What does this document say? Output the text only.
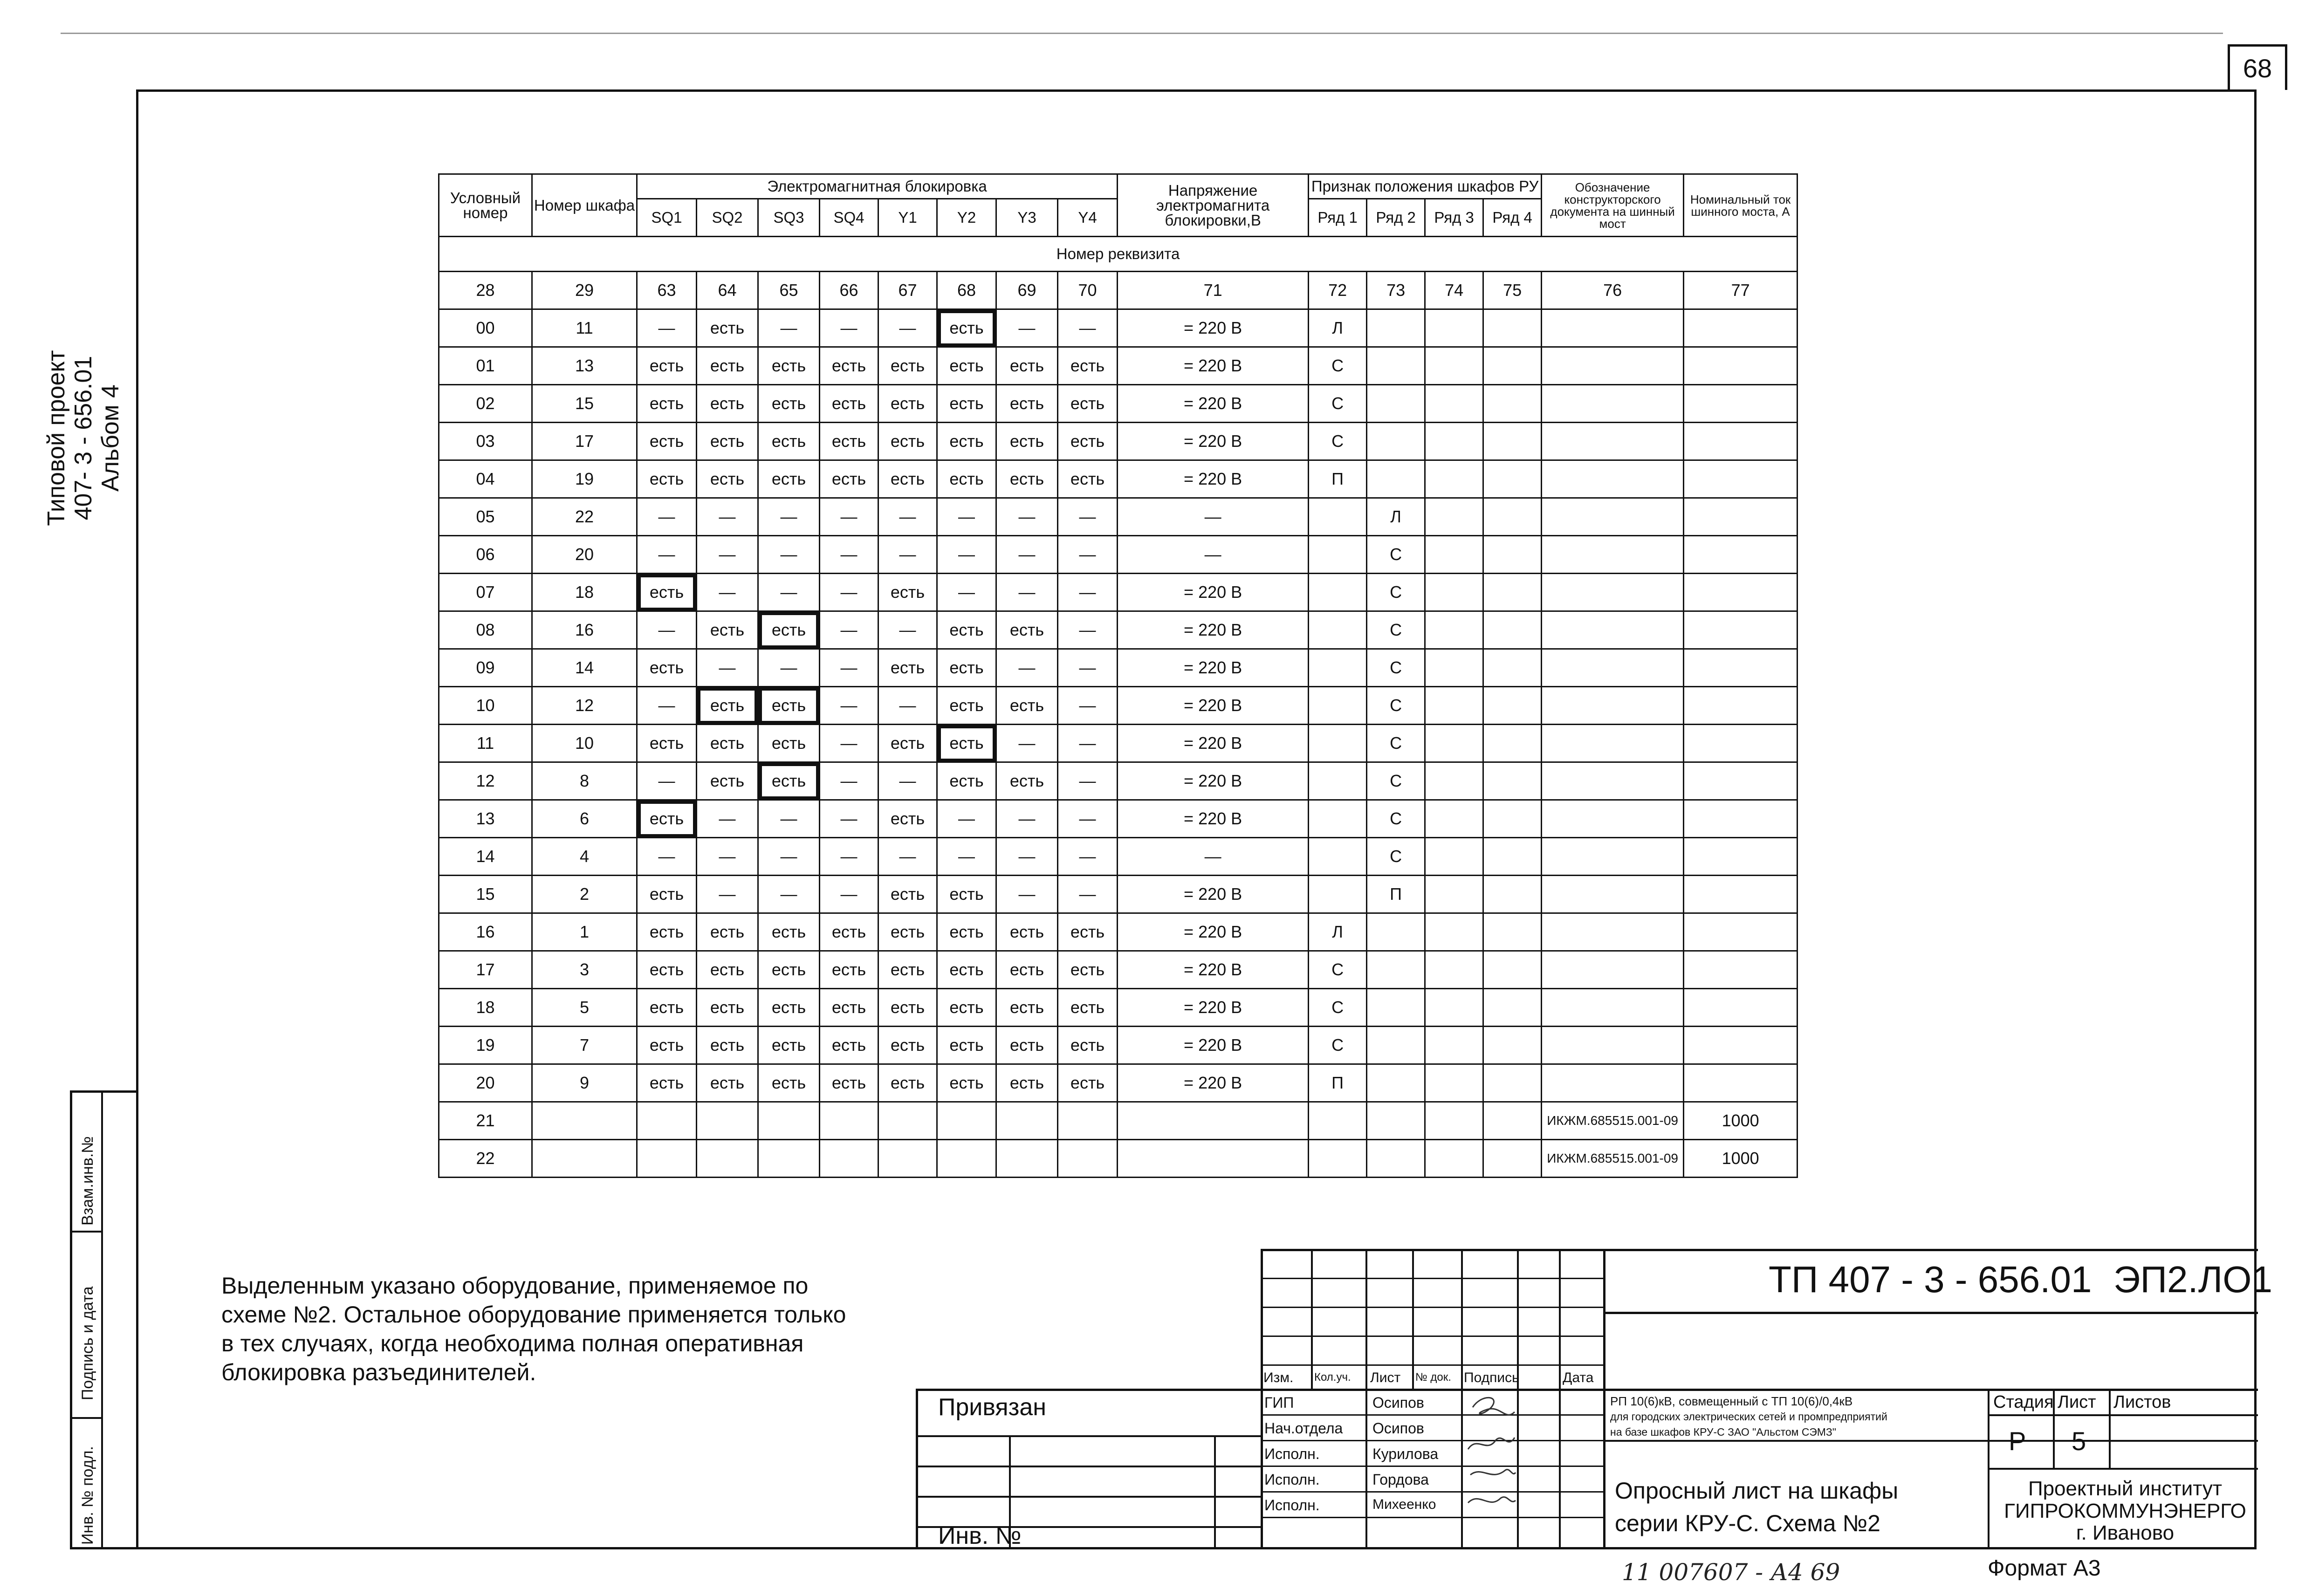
68
Типовой проект 407- 3 - 656.01 Альбом 4
Взам.инв.№
Подпись и дата
Инв. № подл.
Условный номер	Номер шкафа	Электромагнитная блокировка								Напряжение электромагнита блокировки,В	Признак положения шкафов РУ				Обозначение конструкторского документа на шинный мост	Номинальный ток шинного моста, А
		SQ1	SQ2	SQ3	SQ4	Y1	Y2	Y3	Y4		Ряд 1	Ряд 2	Ряд 3	Ряд 4		
Номер реквизита																
28	29	63	64	65	66	67	68	69	70	71	72	73	74	75	76	77
00	11	—	есть	—	—	—	есть	—	—	= 220 В	Л					
01	13	есть	есть	есть	есть	есть	есть	есть	есть	= 220 В	С					
02	15	есть	есть	есть	есть	есть	есть	есть	есть	= 220 В	С					
03	17	есть	есть	есть	есть	есть	есть	есть	есть	= 220 В	С					
04	19	есть	есть	есть	есть	есть	есть	есть	есть	= 220 В	П					
05	22	—	—	—	—	—	—	—	—	—		Л				
06	20	—	—	—	—	—	—	—	—	—		С				
07	18	есть	—	—	—	есть	—	—	—	= 220 В		С				
08	16	—	есть	есть	—	—	есть	есть	—	= 220 В		С				
09	14	есть	—	—	—	есть	есть	—	—	= 220 В		С				
10	12	—	есть	есть	—	—	есть	есть	—	= 220 В		С				
11	10	есть	есть	есть	—	есть	есть	—	—	= 220 В		С				
12	8	—	есть	есть	—	—	есть	есть	—	= 220 В		С				
13	6	есть	—	—	—	есть	—	—	—	= 220 В		С				
14	4	—	—	—	—	—	—	—	—	—		С				
15	2	есть	—	—	—	есть	есть	—	—	= 220 В		П				
16	1	есть	есть	есть	есть	есть	есть	есть	есть	= 220 В	Л					
17	3	есть	есть	есть	есть	есть	есть	есть	есть	= 220 В	С					
18	5	есть	есть	есть	есть	есть	есть	есть	есть	= 220 В	С					
19	7	есть	есть	есть	есть	есть	есть	есть	есть	= 220 В	С					
20	9	есть	есть	есть	есть	есть	есть	есть	есть	= 220 В	П					
21															ИКЖМ.685515.001-09	1000
22															ИКЖМ.685515.001-09	1000
Выделенным указано оборудование, применяемое по схеме №2. Остальное оборудование применяется только в тех случаях, когда необходима полная оперативная блокировка разъединителей.
Привязан
Инв. №
Изм. Кол.уч. Лист № док. Подпись	Дата
ГИП
Нач.отдела
Исполн.
Исполн.
Исполн.
Осипов
Осипов
Курилова
Гордова
Михеенко
ТП 407 - 3 - 656.01 ЭП2.ЛО1
РП 10(6)кВ, совмещенный с ТП 10(6)/0,4кВ
для городских электрических сетей и промпредприятий
на базе шкафов КРУ-С ЗАО "Альстом СЭМЗ"
Опросный лист на шкафы
серии КРУ-С. Схема №2
Стадия Лист Листов
Р 5
Проектный институт
ГИПРОКОММУНЭНЕРГО
г. Иваново
11 007607 - А4 69	Формат А3
